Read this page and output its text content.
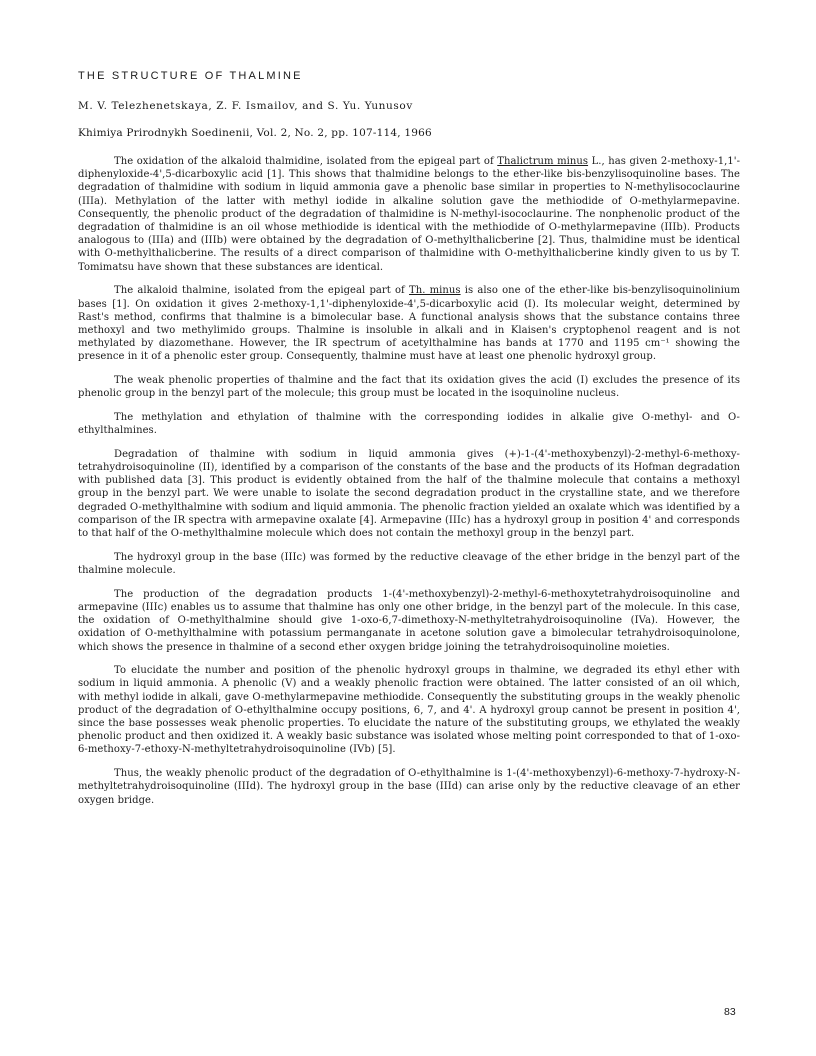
THE STRUCTURE OF THALMINE

M. V. Telezhenetskaya, Z. F. Ismailov, and S. Yu. Yunusov

Khimiya Prirodnykh Soedinenii, Vol. 2, No. 2, pp. 107-114, 1966

The oxidation of the alkaloid thalmidine, isolated from the epigeal part of Thalictrum minus L., has given 2-methoxy-1,1'-diphenyloxide-4',5-dicarboxylic acid [1]. This shows that thalmidine belongs to the ether-like bis-benzylisoquinoline bases. The degradation of thalmidine with sodium in liquid ammonia gave a phenolic base similar in properties to N-methylisococlaurine (IIIa). Methylation of the latter with methyl iodide in alkaline solution gave the methiodide of O-methylarmepavine. Consequently, the phenolic product of the degradation of thalmidine is N-methyl-isococlaurine. The nonphenolic product of the degradation of thalmidine is an oil whose methiodide is identical with the methiodide of O-methylarmepavine (IIIb). Products analogous to (IIIa) and (IIIb) were obtained by the degradation of O-methylthalicberine [2]. Thus, thalmidine must be identical with O-methylthalicberine. The results of a direct comparison of thalmidine with O-methylthalicberine kindly given to us by T. Tomimatsu have shown that these substances are identical.

The alkaloid thalmine, isolated from the epigeal part of Th. minus is also one of the ether-like bis-benzylisoquinolinium bases [1]. On oxidation it gives 2-methoxy-1,1'-diphenyloxide-4',5-dicarboxylic acid (I). Its molecular weight, determined by Rast's method, confirms that thalmine is a bimolecular base. A functional analysis shows that the substance contains three methoxyl and two methylimido groups. Thalmine is insoluble in alkali and in Klaisen's cryptophenol reagent and is not methylated by diazomethane. However, the IR spectrum of acetylthalmine has bands at 1770 and 1195 cm⁻¹ showing the presence in it of a phenolic ester group. Consequently, thalmine must have at least one phenolic hydroxyl group.

The weak phenolic properties of thalmine and the fact that its oxidation gives the acid (I) excludes the presence of its phenolic group in the benzyl part of the molecule; this group must be located in the isoquinoline nucleus.

The methylation and ethylation of thalmine with the corresponding iodides in alkalie give O-methyl- and O-ethylthalmines.

Degradation of thalmine with sodium in liquid ammonia gives (+)-1-(4'-methoxybenzyl)-2-methyl-6-methoxy-tetrahydroisoquinoline (II), identified by a comparison of the constants of the base and the products of its Hofman degradation with published data [3]. This product is evidently obtained from the half of the thalmine molecule that contains a methoxyl group in the benzyl part. We were unable to isolate the second degradation product in the crystalline state, and we therefore degraded O-methylthalmine with sodium and liquid ammonia. The phenolic fraction yielded an oxalate which was identified by a comparison of the IR spectra with armepavine oxalate [4]. Armepavine (IIIc) has a hydroxyl group in position 4' and corresponds to that half of the O-methylthalmine molecule which does not contain the methoxyl group in the benzyl part.

The hydroxyl group in the base (IIIc) was formed by the reductive cleavage of the ether bridge in the benzyl part of the thalmine molecule.

The production of the degradation products 1-(4'-methoxybenzyl)-2-methyl-6-methoxytetrahydroisoquinoline and armepavine (IIIc) enables us to assume that thalmine has only one other bridge, in the benzyl part of the molecule. In this case, the oxidation of O-methylthalmine should give 1-oxo-6,7-dimethoxy-N-methyltetrahydroisoquinoline (IVa). However, the oxidation of O-methylthalmine with potassium permanganate in acetone solution gave a bimolecular tetrahydroisoquinolone, which shows the presence in thalmine of a second ether oxygen bridge joining the tetrahydroisoquinoline moieties.

To elucidate the number and position of the phenolic hydroxyl groups in thalmine, we degraded its ethyl ether with sodium in liquid ammonia. A phenolic (V) and a weakly phenolic fraction were obtained. The latter consisted of an oil which, with methyl iodide in alkali, gave O-methylarmepavine methiodide. Consequently the substituting groups in the weakly phenolic product of the degradation of O-ethylthalmine occupy positions, 6, 7, and 4'. A hydroxyl group cannot be present in position 4', since the base possesses weak phenolic properties. To elucidate the nature of the substituting groups, we ethylated the weakly phenolic product and then oxidized it. A weakly basic substance was isolated whose melting point corresponded to that of 1-oxo-6-methoxy-7-ethoxy-N-methyltetrahydroisoquinoline (IVb) [5].

Thus, the weakly phenolic product of the degradation of O-ethylthalmine is 1-(4'-methoxybenzyl)-6-methoxy-7-hydroxy-N-methyltetrahydroisoquinoline (IIId). The hydroxyl group in the base (IIId) can arise only by the reductive cleavage of an ether oxygen bridge.

83
